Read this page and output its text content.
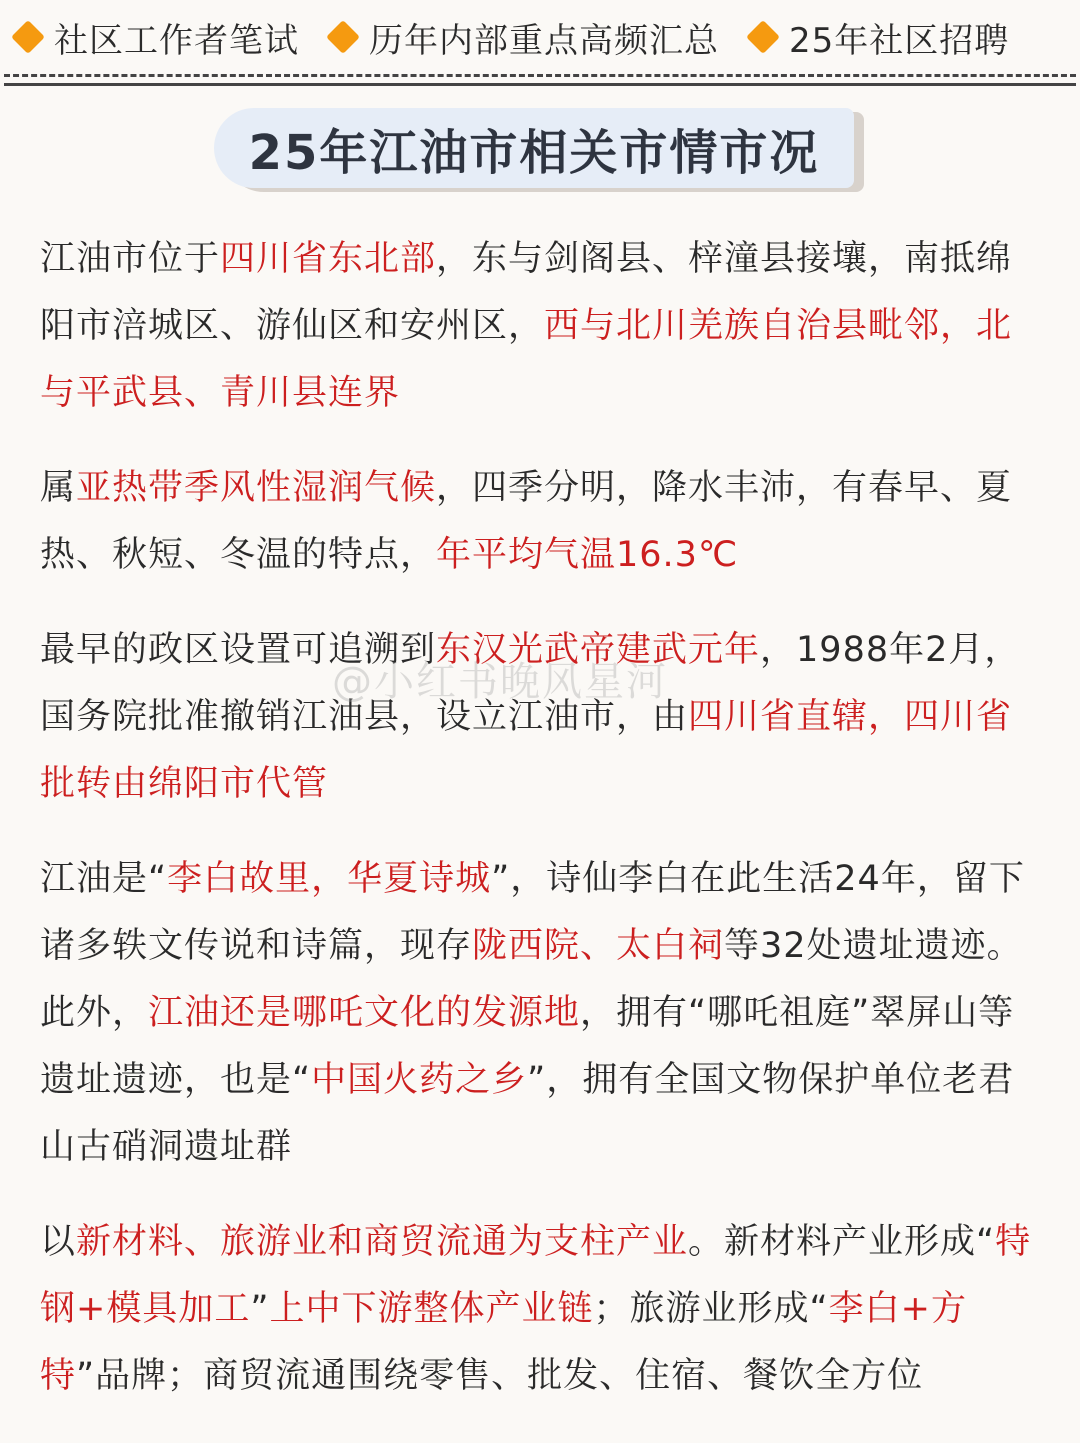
社区工作者笔试 历年内部重点高频汇总 25年社区招聘
25年江油市相关市情市况

江油市位于四川省东北部，东与剑阁县、梓潼县接壤，南抵绵阳市涪城区、游仙区和安州区，西与北川羌族自治县毗邻，北与平武县、青川县连界

属亚热带季风性湿润气候，四季分明，降水丰沛，有春早、夏热、秋短、冬温的特点，年平均气温16.3℃

最早的政区设置可追溯到东汉光武帝建武元年，1988年2月，国务院批准撤销江油县，设立江油市，由四川省直辖，四川省批转由绵阳市代管

江油是“李白故里，华夏诗城”，诗仙李白在此生活24年，留下诸多轶文传说和诗篇，现存陇西院、太白祠等32处遗址遗迹。此外，江油还是哪吒文化的发源地，拥有“哪吒祖庭”翠屏山等遗址遗迹，也是“中国火药之乡”，拥有全国文物保护单位老君山古硝洞遗址群

以新材料、旅游业和商贸流通为支柱产业。新材料产业形成“特钢+模具加工”上中下游整体产业链；旅游业形成“李白+方特”品牌；商贸流通围绕零售、批发、住宿、餐饮全方位

@小红书晚风星河
